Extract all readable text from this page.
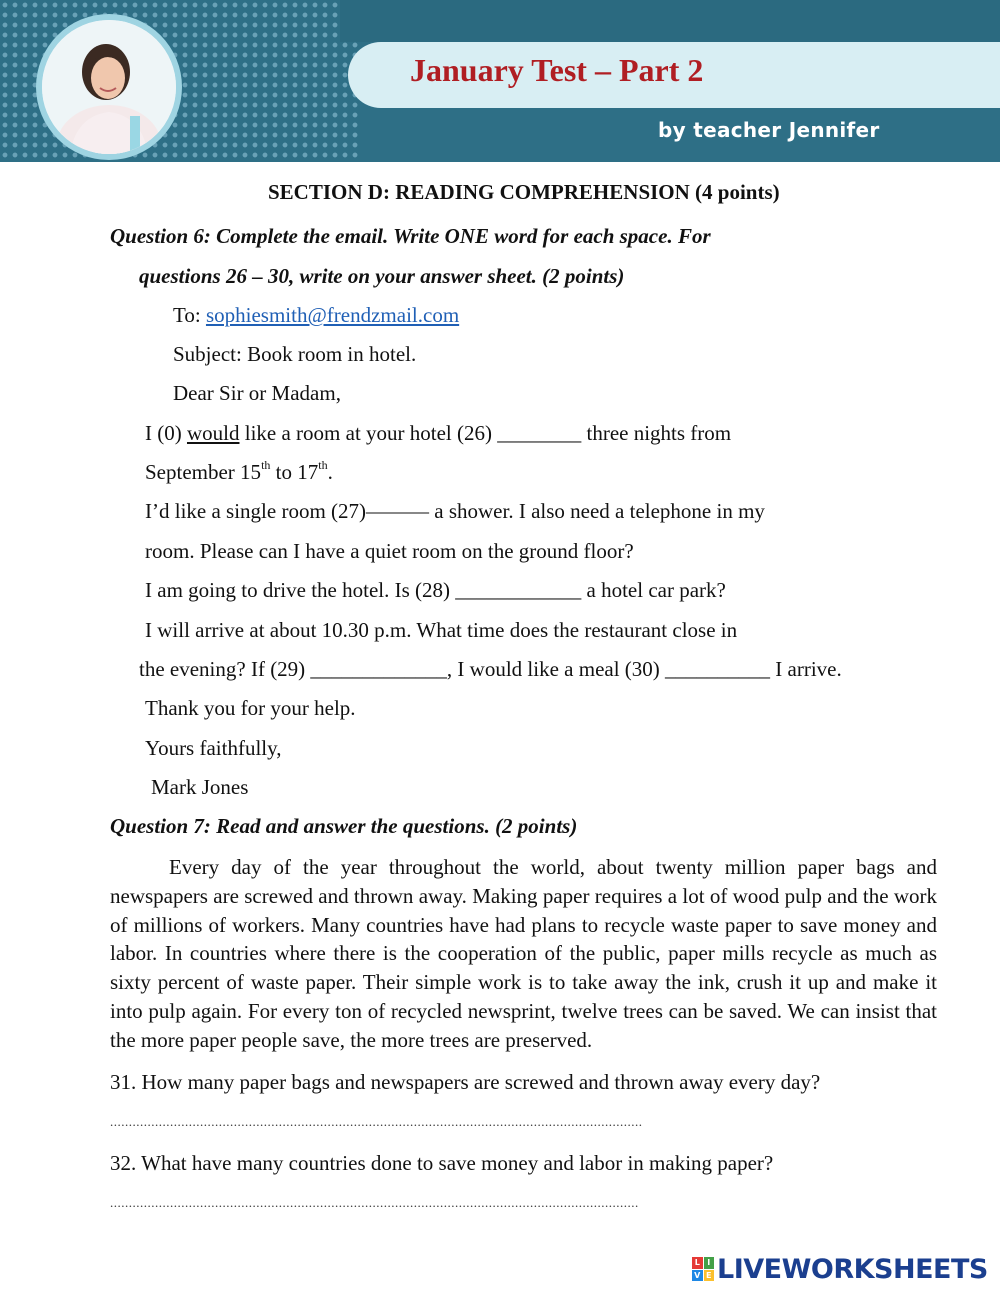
January Test – Part 2
by teacher Jennifer
SECTION D: READING COMPREHENSION (4 points)
Question 6: Complete the email. Write ONE word for each space. For
questions 26 – 30, write on your answer sheet. (2 points)
To: sophiesmith@frendzmail.com
Subject: Book room in hotel.
Dear Sir or Madam,
I (0) would like a room at your hotel (26) ________ three nights from
September 15th to 17th.
I’d like a single room (27)——— a shower. I also need a telephone in my
room. Please can I have a quiet room on the ground floor?
I am going to drive the hotel. Is (28) ____________ a hotel car park?
I will arrive at about 10.30 p.m. What time does the restaurant close in
the evening? If (29) _____________, I would like a meal (30) __________ I arrive.
Thank you for your help.
Yours faithfully,
Mark Jones
Question 7: Read and answer the questions. (2 points)
Every day of the year throughout the world, about twenty million paper bags and newspapers are screwed and thrown away. Making paper requires a lot of wood pulp and the work of millions of workers. Many countries have had plans to recycle waste paper to save money and labor. In countries where there is the cooperation of the public, paper mills recycle as much as sixty percent of waste paper. Their simple work is to take away the ink, crush it up and make it into pulp again. For every ton of recycled newsprint, twelve trees can be saved. We can insist that the more paper people save, the more trees are preserved.
31. How many paper bags and newspapers are screwed and thrown away every day?
..............................................................................................................................................
32. What have many countries done to save money and labor in making paper?
.............................................................................................................................................
L I
V E LIVEWORKSHEETS
